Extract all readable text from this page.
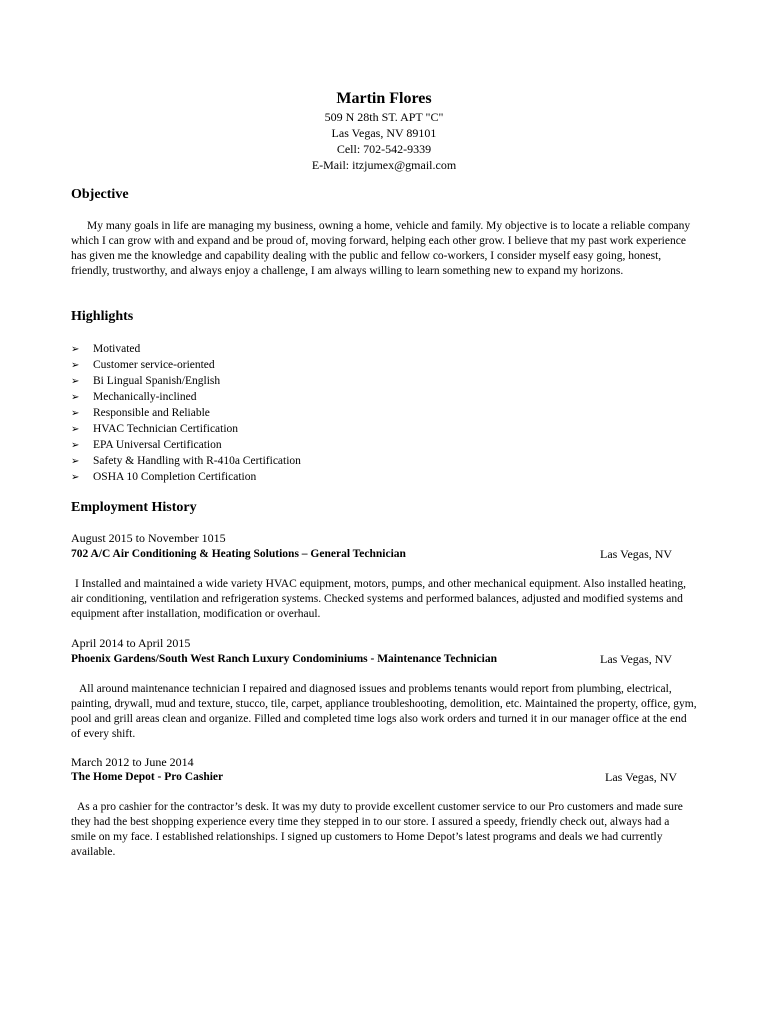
Martin Flores
509 N 28th ST. APT "C"
Las Vegas, NV 89101
Cell: 702-542-9339
E-Mail: itzjumex@gmail.com
Objective

My many goals in life are managing my business, owning a home, vehicle and family. My objective is to locate a reliable company which I can grow with and expand and be proud of, moving forward, helping each other grow. I believe that my past work experience has given me the knowledge and capability dealing with the public and fellow co-workers, I consider myself easy going, honest, friendly, trustworthy, and always enjoy a challenge, I am always willing to learn something new to expand my horizons.

Highlights
➢ Motivated
➢ Customer service-oriented
➢ Bi Lingual Spanish/English
➢ Mechanically-inclined
➢ Responsible and Reliable
➢ HVAC Technician Certification
➢ EPA Universal Certification
➢ Safety & Handling with R-410a Certification
➢ OSHA 10 Completion Certification
Employment History
August 2015 to November 1015
702 A/C Air Conditioning & Heating Solutions – General Technician	Las Vegas, NV

I Installed and maintained a wide variety HVAC equipment, motors, pumps, and other mechanical equipment. Also installed heating, air conditioning, ventilation and refrigeration systems. Checked systems and performed balances, adjusted and modified systems and equipment after installation, modification or overhaul.

April 2014 to April 2015
Phoenix Gardens/South West Ranch Luxury Condominiums - Maintenance Technician	Las Vegas, NV

All around maintenance technician I repaired and diagnosed issues and problems tenants would report from plumbing, electrical, painting, drywall, mud and texture, stucco, tile, carpet, appliance troubleshooting, demolition, etc. Maintained the property, office, gym, pool and grill areas clean and organize. Filled and completed time logs also work orders and turned it in our manager office at the end of every shift.

March 2012 to June 2014
The Home Depot - Pro Cashier	Las Vegas, NV

As a pro cashier for the contractor’s desk. It was my duty to provide excellent customer service to our Pro customers and made sure they had the best shopping experience every time they stepped in to our store. I assured a speedy, friendly check out, always had a smile on my face. I established relationships. I signed up customers to Home Depot’s latest programs and deals we had currently available.
